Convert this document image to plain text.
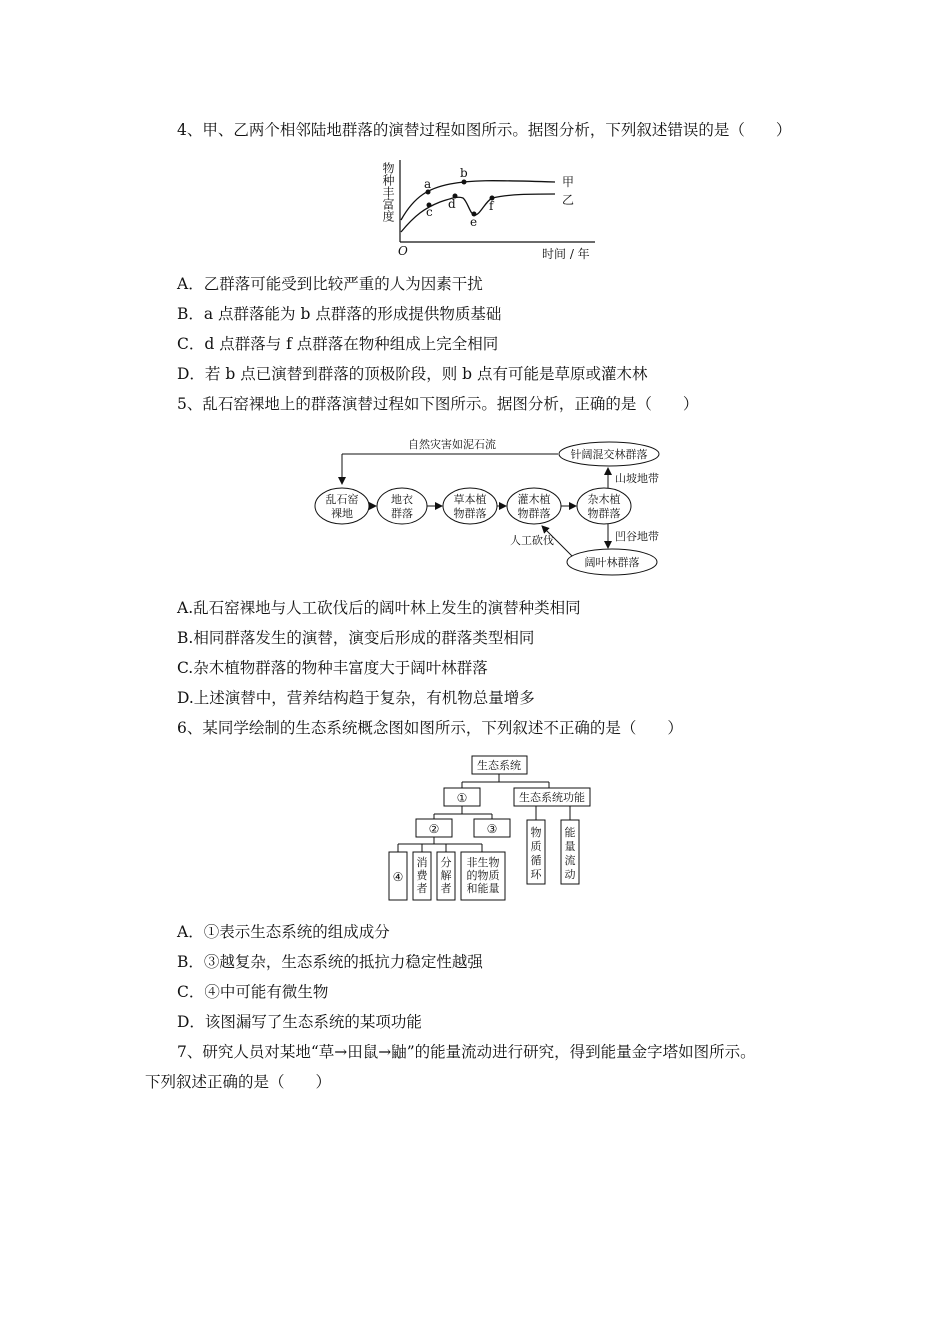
4、甲、乙两个相邻陆地群落的演替过程如图所示。据图分析，下列叙述错误的是（　　）
物种丰富度
O	时间 / 年
甲
乙
a
b
c
d
e
f
A．乙群落可能受到比较严重的人为因素干扰
B．a 点群落能为 b 点群落的形成提供物质基础
C．d 点群落与 f 点群落在物种组成上完全相同
D．若 b 点已演替到群落的顶极阶段，则 b 点有可能是草原或灌木林
5、乱石窑裸地上的群落演替过程如下图所示。据图分析，正确的是（　　）
自然灾害如泥石流
针阔混交林群落
乱石窑
裸地
地衣
群落
草本植
物群落
灌木植
物群落
杂木植
物群落
山坡地带
凹谷地带
阔叶林群落
人工砍伐
A.乱石窑裸地与人工砍伐后的阔叶林上发生的演替种类相同
B.相同群落发生的演替，演变后形成的群落类型相同
C.杂木植物群落的物种丰富度大于阔叶林群落
D.上述演替中，营养结构趋于复杂，有机物总量增多
6、某同学绘制的生态系统概念图如图所示，下列叙述不正确的是（　　）
生态系统
①	生态系统功能
②	③
④
消
费
者
分
解
者
非生物
的物质
和能量
物
质
循
环
能
量
流
动
A．①表示生态系统的组成成分
B．③越复杂，生态系统的抵抗力稳定性越强
C．④中可能有微生物
D．该图漏写了生态系统的某项功能
7、研究人员对某地“草→田鼠→鼬”的能量流动进行研究，得到能量金字塔如图所示。
下列叙述正确的是（　　）
